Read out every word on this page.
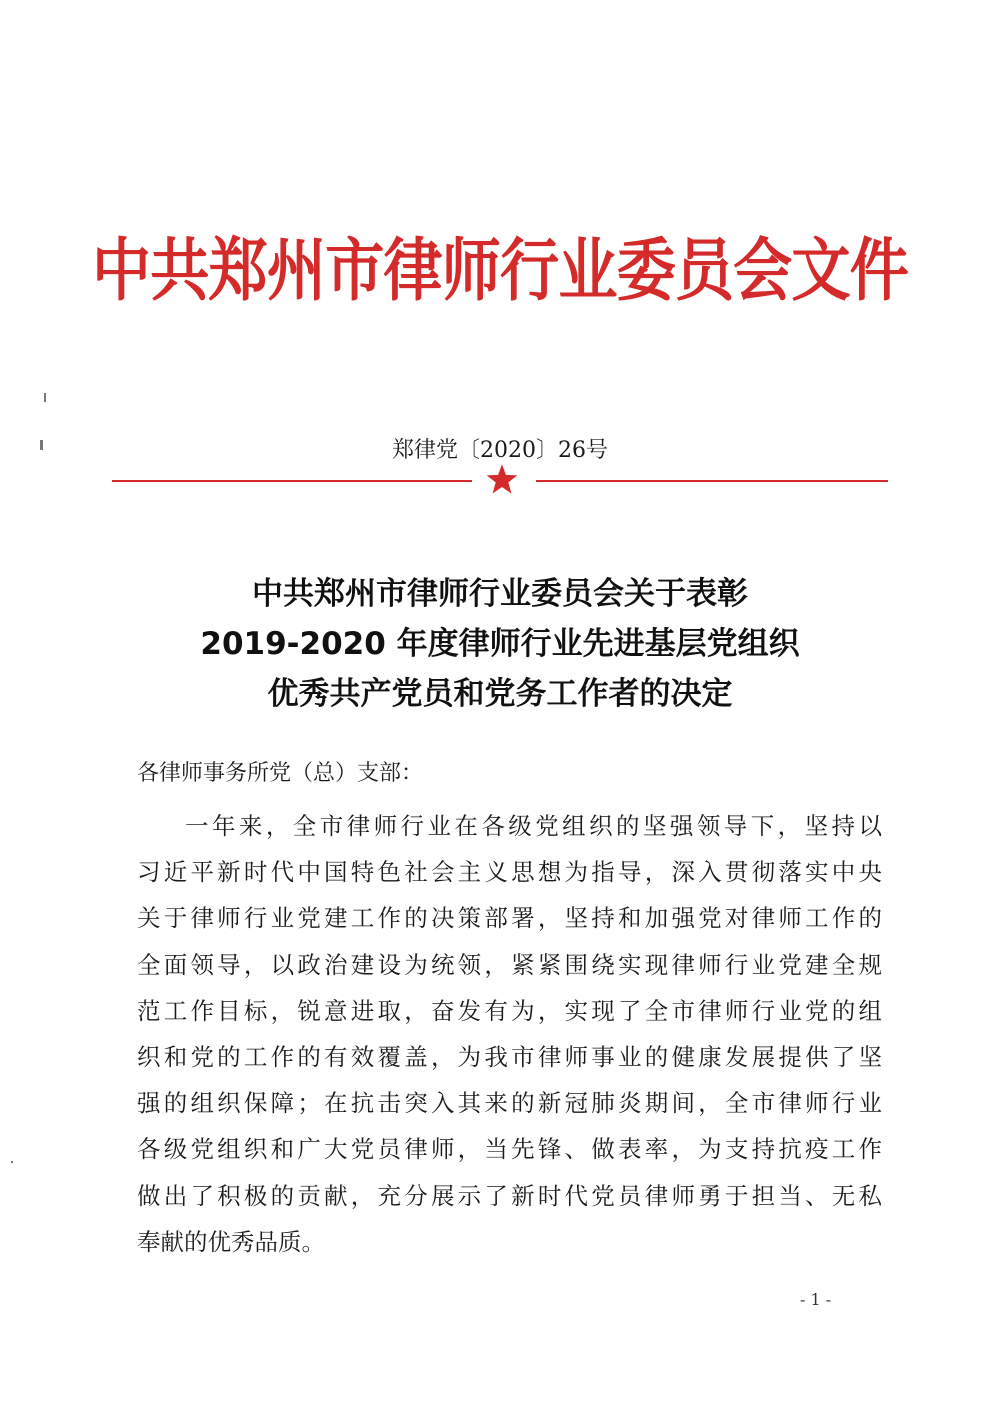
中共郑州市律师行业委员会文件
郑律党〔2020〕26号
中共郑州市律师行业委员会关于表彰
2019-2020 年度律师行业先进基层党组织
优秀共产党员和党务工作者的决定
各律师事务所党（总）支部：
一年来，全市律师行业在各级党组织的坚强领导下，坚持以
习近平新时代中国特色社会主义思想为指导，深入贯彻落实中央
关于律师行业党建工作的决策部署，坚持和加强党对律师工作的
全面领导，以政治建设为统领，紧紧围绕实现律师行业党建全规
范工作目标，锐意进取，奋发有为，实现了全市律师行业党的组
织和党的工作的有效覆盖，为我市律师事业的健康发展提供了坚
强的组织保障；在抗击突入其来的新冠肺炎期间，全市律师行业
各级党组织和广大党员律师，当先锋、做表率，为支持抗疫工作
做出了积极的贡献，充分展示了新时代党员律师勇于担当、无私
奉献的优秀品质。
- 1 -
